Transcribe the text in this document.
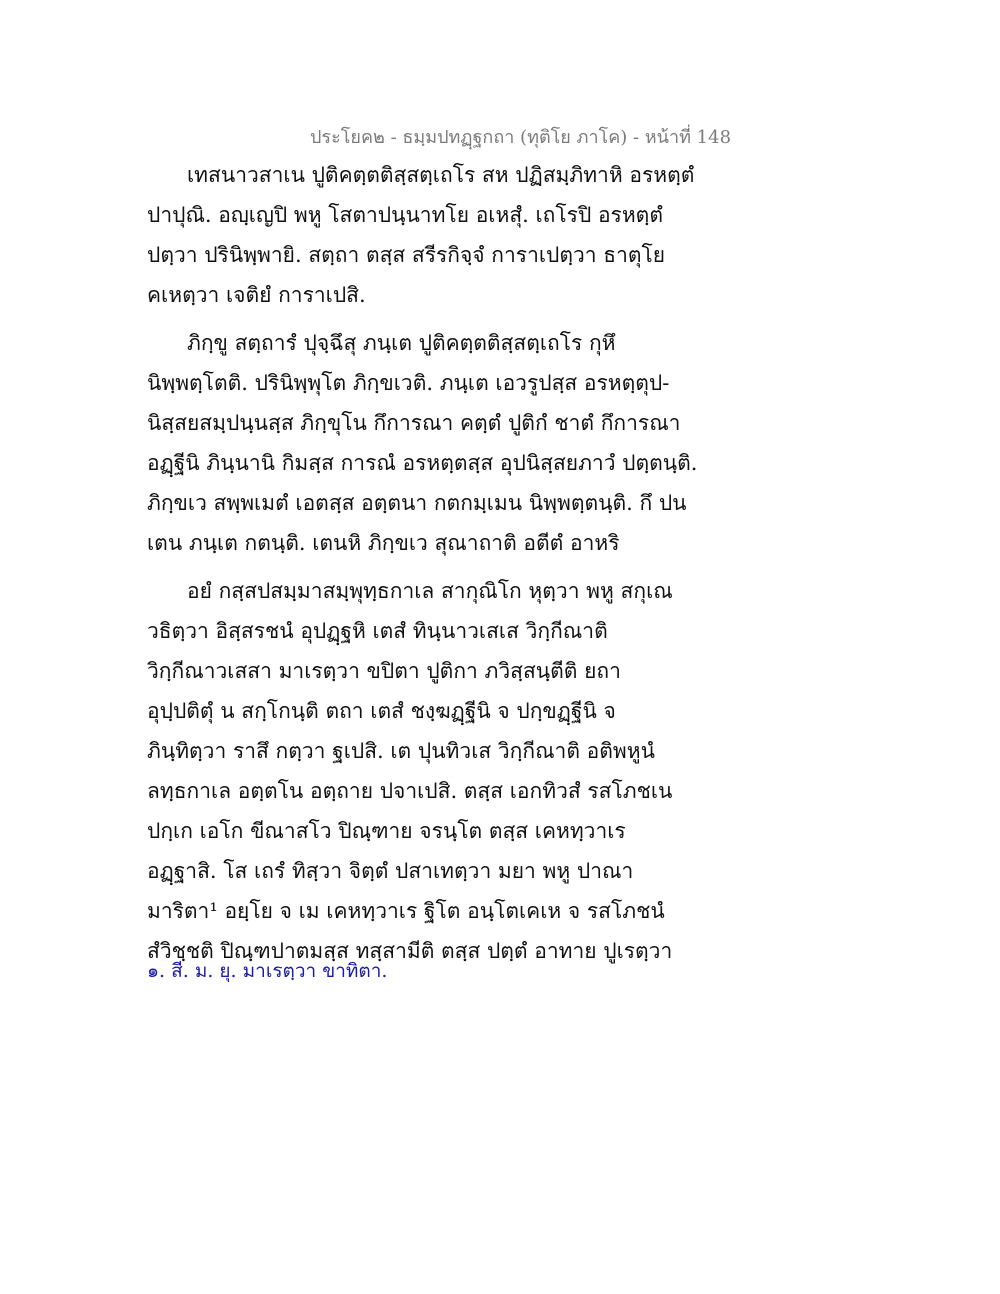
ประโยค๒ - ธมฺมปทฏฺฐกถา (ทุติโย ภาโค) - หน้าที่ 148
เทสนาวสาเน ปูติคตฺตติสฺสตฺเถโร สห ปฏิสมฺภิทาหิ อรหตฺตํ
ปาปุณิ. อญฺเญปิ พหู โสตาปนฺนาทโย อเหสุํ. เถโรปิ อรหตฺตํ
ปตฺวา ปรินิพฺพายิ. สตฺถา ตสฺส สรีรกิจฺจํ การาเปตฺวา ธาตุโย
คเหตฺวา เจติยํ การาเปสิ.
ภิกฺขู สตฺถารํ ปุจฺฉึสุ ภนฺเต ปูติคตฺตติสฺสตฺเถโร กุหึ
นิพฺพตฺโตติ. ปรินิพฺพุโต ภิกฺขเวติ. ภนฺเต เอวรูปสฺส อรหตฺตุป-
นิสฺสยสมฺปนฺนสฺส ภิกฺขุโน กึการณา คตฺตํ ปูติกํ ชาตํ กึการณา
อฏฺฐีนิ ภินฺนานิ กิมสฺส การณํ อรหตฺตสฺส อุปนิสฺสยภาวํ ปตฺตนฺติ.
ภิกฺขเว สพฺพเมตํ เอตสฺส อตฺตนา กตกมฺเมน นิพฺพตฺตนฺติ. กึ ปน
เตน ภนฺเต กตนฺติ. เตนหิ ภิกฺขเว สุณาถาติ อตีตํ อาหริ
อยํ กสฺสปสมฺมาสมฺพุทฺธกาเล สากุณิโก หุตฺวา พหู สกุเณ
วธิตฺวา อิสฺสรชนํ อุปฏฺฐหิ เตสํ ทินฺนาวเสเส วิกฺกีณาติ
วิกฺกีณาวเสสา มาเรตฺวา ขปิตา ปูติกา ภวิสฺสนฺตีติ ยถา
อุปฺปติตุํ น สกฺโกนฺติ ตถา เตสํ ชงฺฆฏฺฐีนิ จ ปกฺขฏฺฐีนิ จ
ภินฺทิตฺวา ราสึ กตฺวา ฐเปสิ. เต ปุนทิวเส วิกฺกีณาติ อติพหูนํ
ลทฺธกาเล อตฺตโน อตฺถาย ปจาเปสิ. ตสฺส เอกทิวสํ รสโภชเน
ปกฺเก เอโก ขีณาสโว ปิณฺฑาย จรนฺโต ตสฺส เคหทฺวาเร
อฏฺฐาสิ. โส เถรํ ทิสฺวา จิตฺตํ ปสาเทตฺวา มยา พหู ปาณา
มาริตา¹ อยฺโย จ เม เคหทฺวาเร ฐิโต อนฺโตเคเห จ รสโภชนํ
สํวิชฺชติ ปิณฺฑปาตมสฺส ทสฺสามีติ ตสฺส ปตฺตํ อาทาย ปูเรตฺวา
๑. สี. ม. ยุ. มาเรตฺวา ขาทิตา.
